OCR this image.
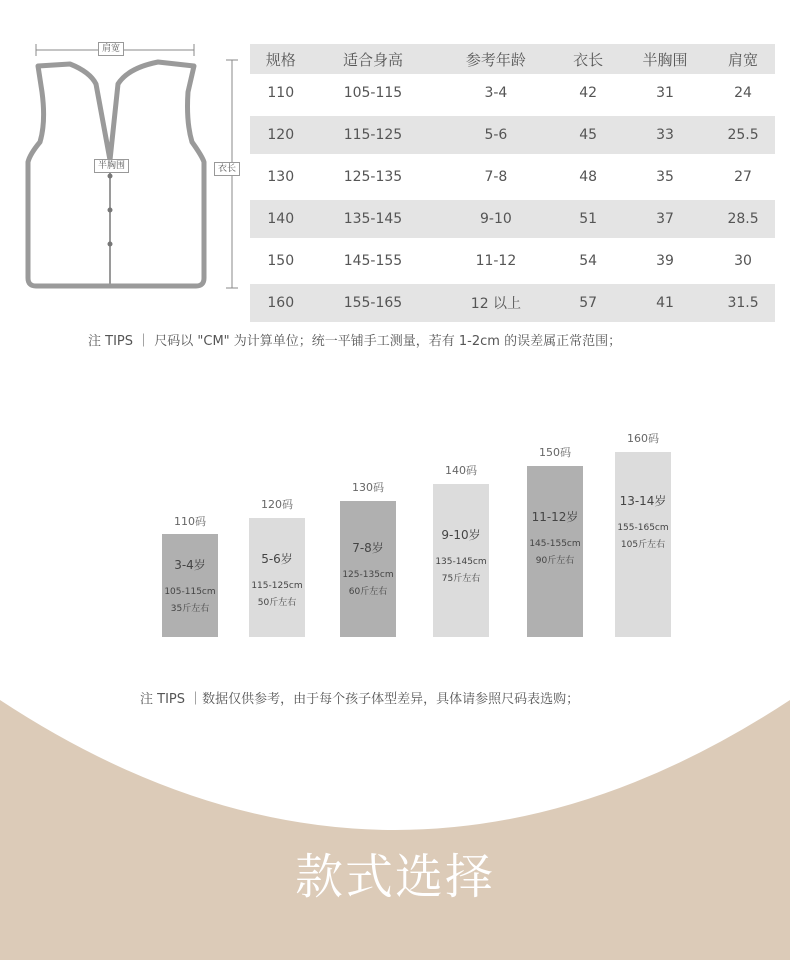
肩宽
半胸围	衣长
规格	适合身高	参考年龄	衣长	半胸围	肩宽
110	105-115	3-4	42	31	24
120	115-125	5-6	45	33	25.5
130	125-135	7-8	48	35	27
140	135-145	9-10	51	37	28.5
150	145-155	11-12	54	39	30
160	155-165	12 以上	57	41	31.5
注 TIPS ｜ 尺码以 "CM" 为计算单位；统一平铺手工测量，若有 1-2cm 的误差属正常范围；
110码
3-4岁
105-115cm
35斤左右
120码
5-6岁
115-125cm
50斤左右
130码
7-8岁
125-135cm
60斤左右
140码
9-10岁
135-145cm
75斤左右
150码
11-12岁
145-155cm
90斤左右
160码
13-14岁
155-165cm
105斤左右
注 TIPS ｜数据仅供参考，由于每个孩子体型差异，具体请参照尺码表选购；
款式选择
